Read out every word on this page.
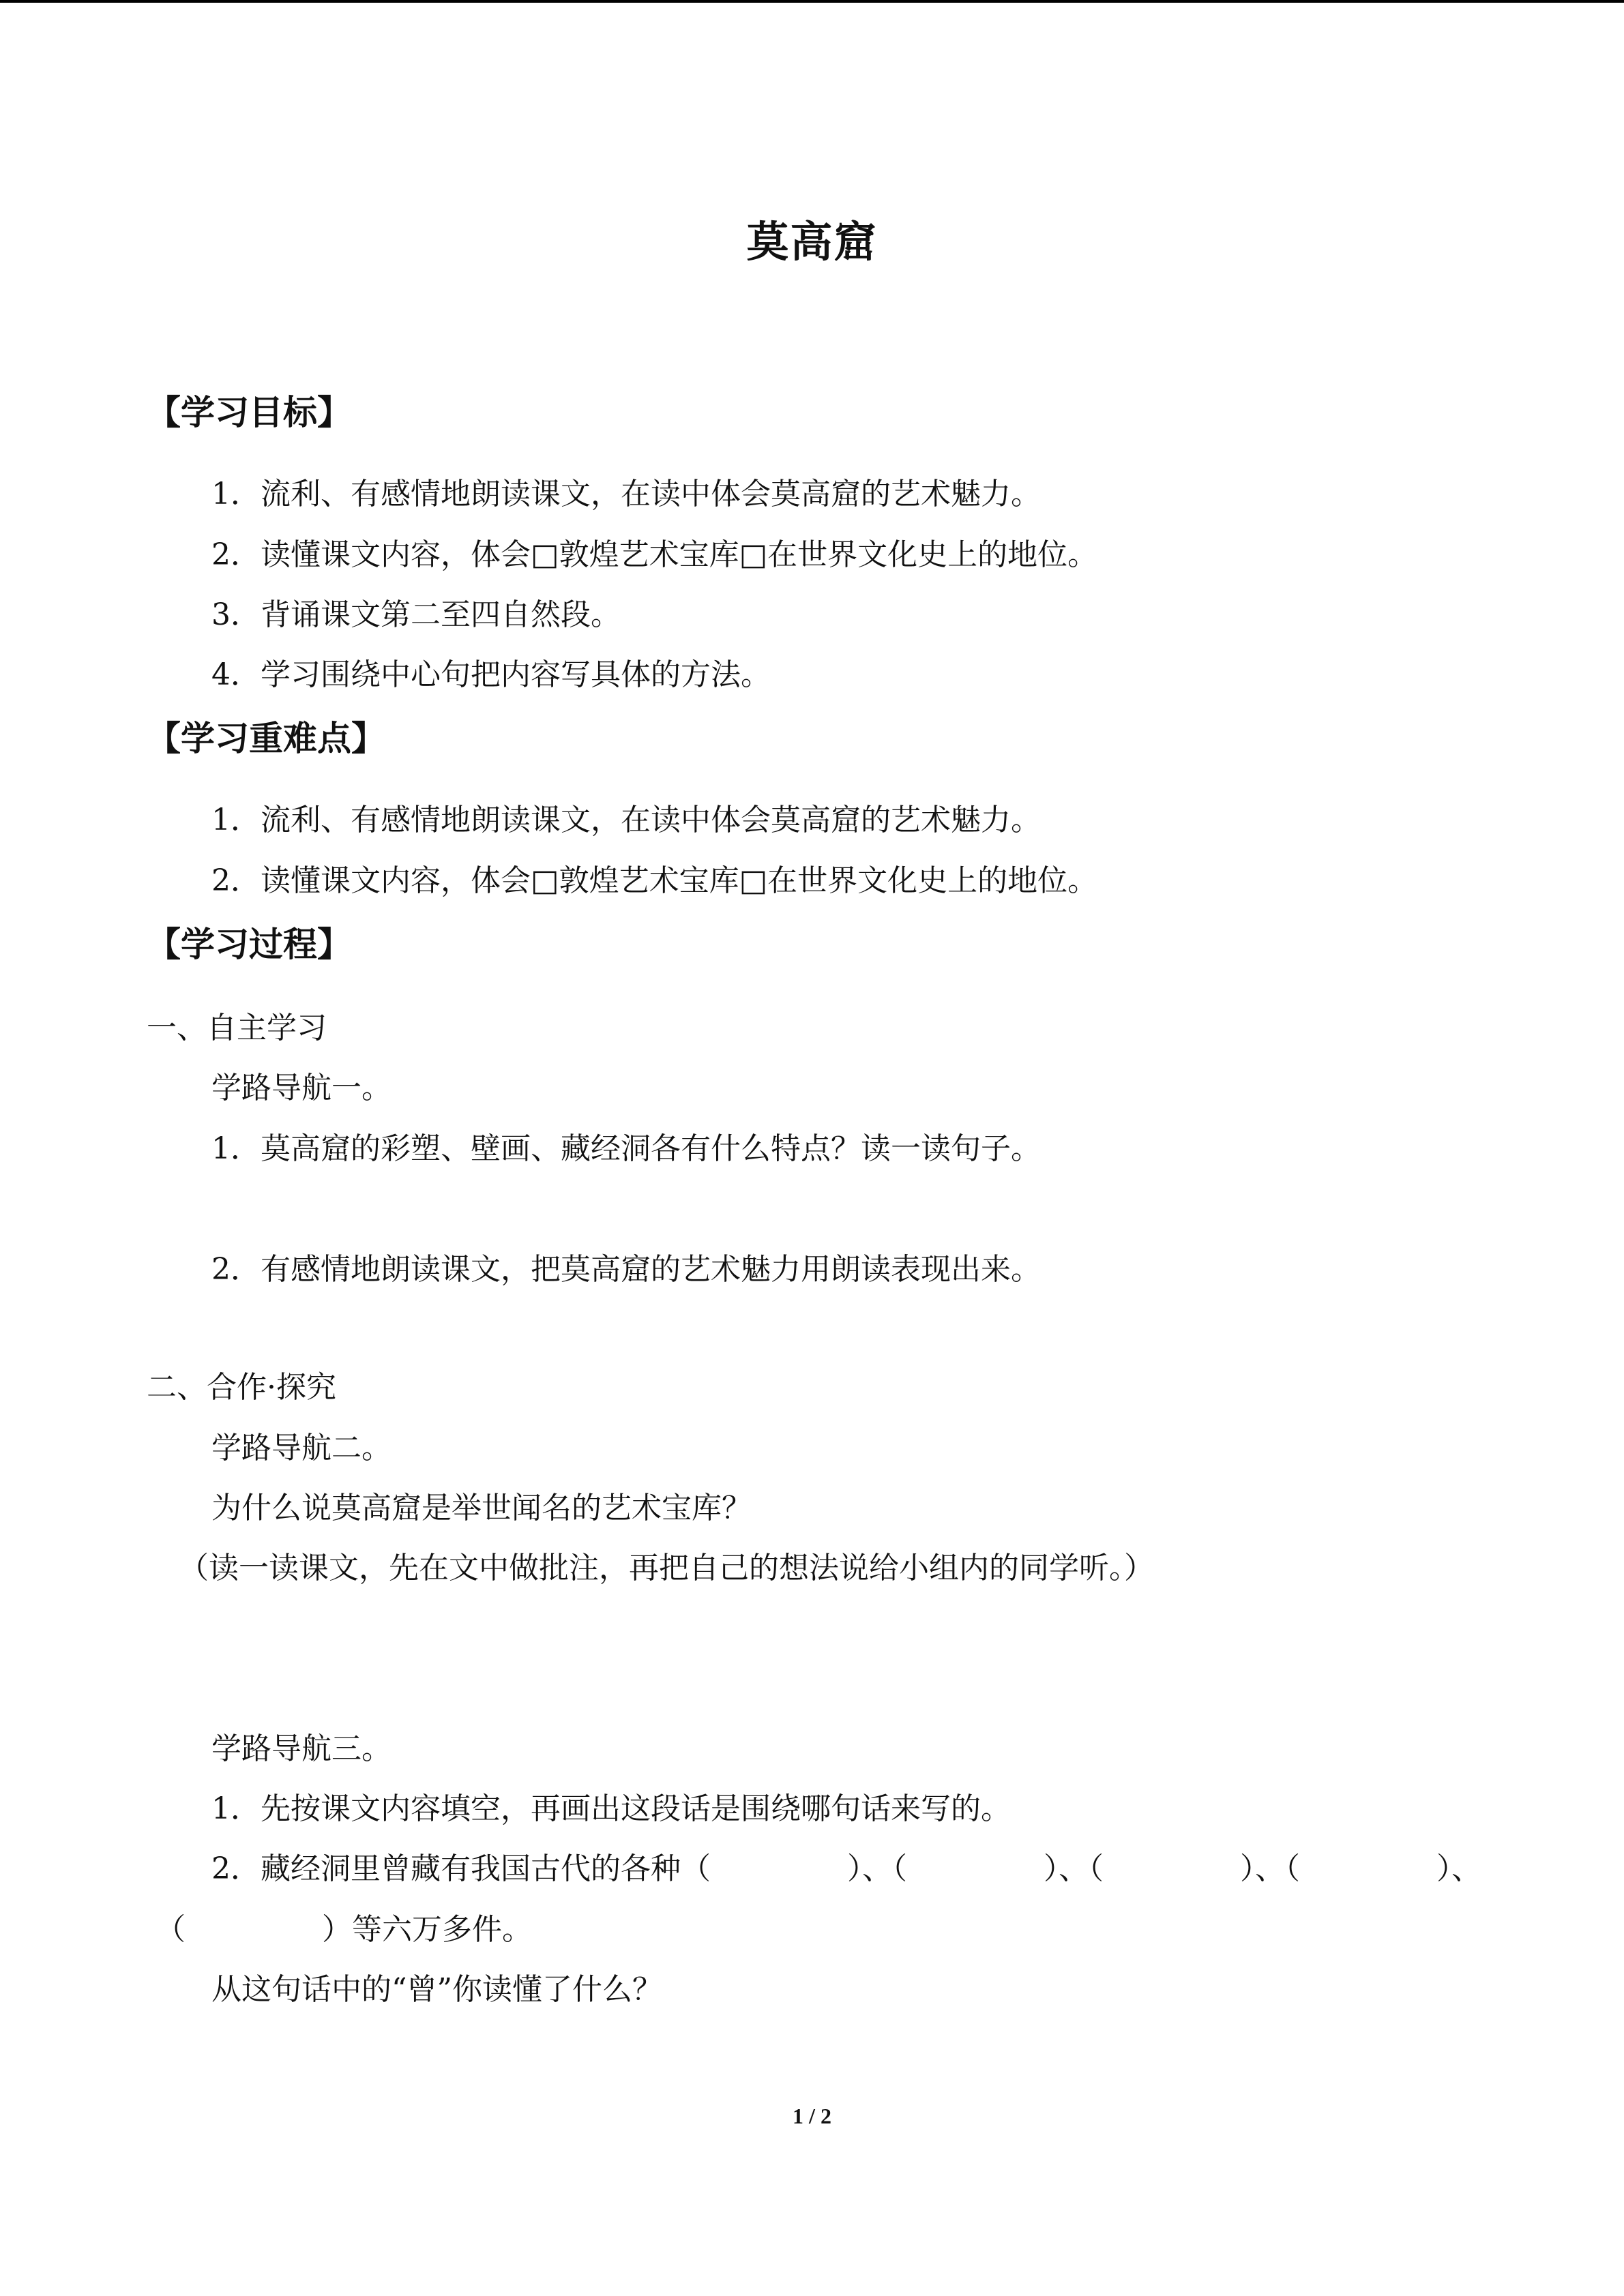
莫高窟
【学习目标】
1．流利、有感情地朗读课文，在读中体会莫高窟的艺术魅力。
2．读懂课文内容，体会□敦煌艺术宝库□在世界文化史上的地位。
3．背诵课文第二至四自然段。
4．学习围绕中心句把内容写具体的方法。
【学习重难点】
1．流利、有感情地朗读课文，在读中体会莫高窟的艺术魅力。
2．读懂课文内容，体会□敦煌艺术宝库□在世界文化史上的地位。
【学习过程】
一、自主学习
学路导航一。
1．莫高窟的彩塑、壁画、藏经洞各有什么特点？读一读句子。
2．有感情地朗读课文，把莫高窟的艺术魅力用朗读表现出来。
二、合作·探究
学路导航二。
为什么说莫高窟是举世闻名的艺术宝库？
（读一读课文，先在文中做批注，再把自己的想法说给小组内的同学听。）
学路导航三。
1．先按课文内容填空，再画出这段话是围绕哪句话来写的。
2．藏经洞里曾藏有我国古代的各种（	）、（	）、（	）、（	）、
（	）等六万多件。
从这句话中的“曾”你读懂了什么？
1 / 2
